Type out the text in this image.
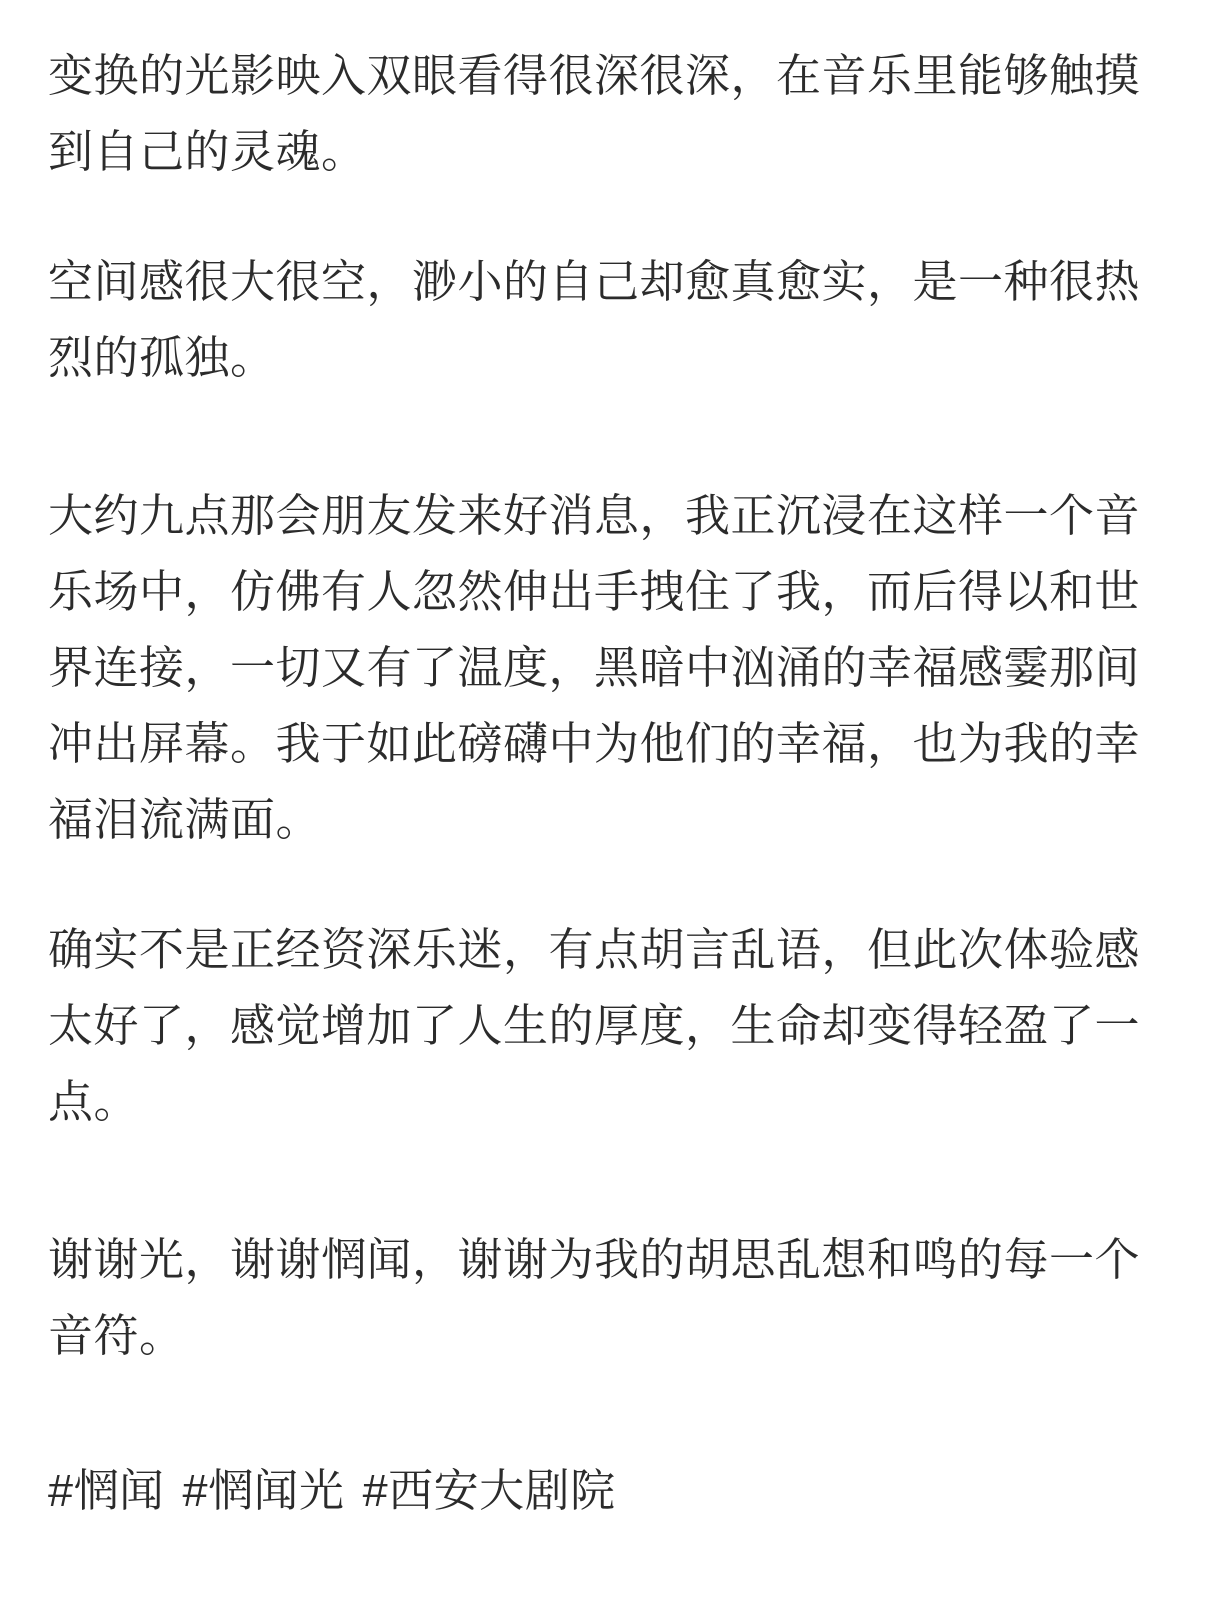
变换的光影映入双眼看得很深很深，在音乐里能够触摸到自己的灵魂。

空间感很大很空，渺小的自己却愈真愈实，是一种很热烈的孤独。

大约九点那会朋友发来好消息，我正沉浸在这样一个音乐场中，仿佛有人忽然伸出手拽住了我，而后得以和世界连接，一切又有了温度，黑暗中汹涌的幸福感霎那间冲出屏幕。我于如此磅礴中为他们的幸福，也为我的幸福泪流满面。

确实不是正经资深乐迷，有点胡言乱语，但此次体验感太好了，感觉增加了人生的厚度，生命却变得轻盈了一点。

谢谢光，谢谢惘闻，谢谢为我的胡思乱想和鸣的每一个音符。

#惘闻 #惘闻光 #西安大剧院
